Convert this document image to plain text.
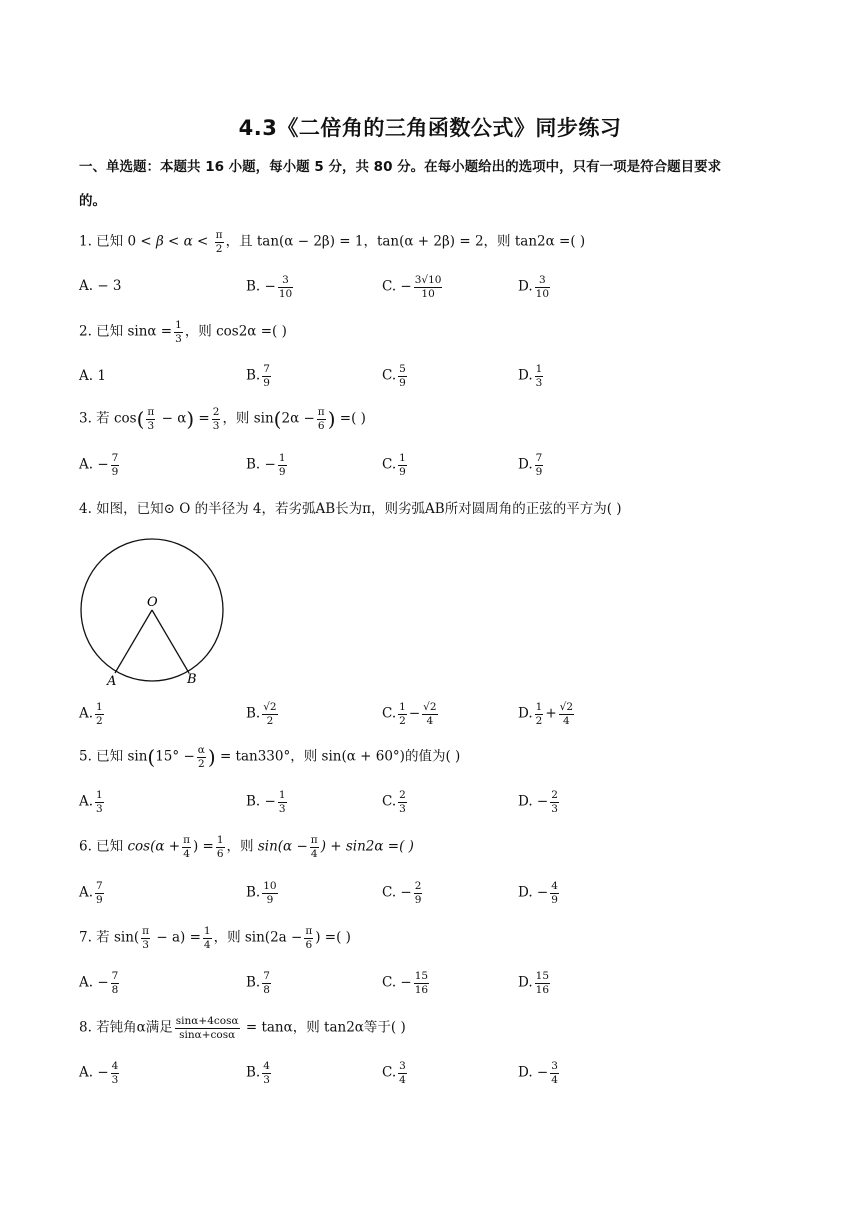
4.3《二倍角的三角函数公式》同步练习
一、单选题：本题共 16 小题，每小题 5 分，共 80 分。在每小题给出的选项中，只有一项是符合题目要求
的。
1. 已知 $0 < \beta < \alpha < \frac{\pi}{2}$ ，且 tan(α − 2β) = 1，tan(α + 2β) = 2，则 tan2α =( )
A. − 3	B. − $\frac{3}{10}$	C. − $\frac{3√10}{10}$	D. $\frac{3}{10}$
2. 已知 $\sin\alpha = \frac{1}{3}$ ，则 cos2α =( )
A. 1	B. $\frac{7}{9}$	C. $\frac{5}{9}$	D. $\frac{1}{3}$
3. 若 $\cos( \frac{\pi}{3} - \alpha) = \frac{2}{3}$ ，则 $\sin(2\alpha - \frac{\pi}{6}$ ) =( )
A. − $\frac{7}{9}$	B. − $\frac{1}{9}$	C. $\frac{1}{9}$	D. $\frac{7}{9}$
4. 如图，已知⊙ O 的半径为 4，若劣弧AB长为π，则劣弧AB所对圆周角的正弦的平方为( )
O
A	B
A. $\frac{1}{2}$	B. $\frac{√2}{2}$	C. $\frac{1}{2} - \frac{√2}{4}$	D. $\frac{1}{2} + \frac{√2}{4}$
5. 已知 $\sin(15^\circ - \frac{\alpha}{2}$ ) = tan330°，则 sin(α + 60°)的值为( )
A. $\frac{1}{3}$	B. − $\frac{1}{3}$	C. $\frac{2}{3}$	D. − $\frac{2}{3}$
6. 已知 $\cos(\alpha + \frac{\pi}{4}$ ) = $\frac{1}{6}$ ，则 $\sin(\alpha - \frac{\pi}{4}$ ) + sin2α =( )
A. $\frac{7}{9}$	B. $\frac{10}{9}$	C. − $\frac{2}{9}$	D. − $\frac{4}{9}$
7. 若 $\sin( \frac{\pi}{3} - a) = \frac{1}{4}$ ，则 $\sin(2a - \frac{\pi}{6}$ ) =( )
A. − $\frac{7}{8}$	B. $\frac{7}{8}$	C. − $\frac{15}{16}$	D. $\frac{15}{16}$
8. 若钝角α满足 $\frac{\sin\alpha+4\cos\alpha}{\sin\alpha+\cos\alpha} = \tan\alpha$，则 tan2α等于( )
A. − $\frac{4}{3}$	B. $\frac{4}{3}$	C. $\frac{3}{4}$	D. − $\frac{3}{4}$
